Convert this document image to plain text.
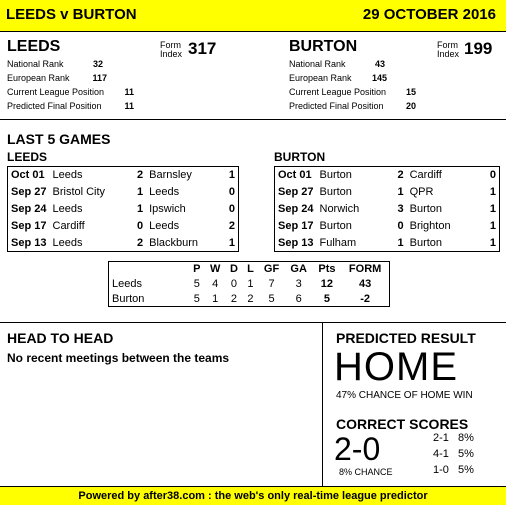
LEEDS v BURTON	29 OCTOBER 2016
LEEDS	Form
Index 317
National Rank	32
European Rank	117
Current League Position	11
Predicted Final Position	11
BURTON	Form
Index 199
National Rank	43
European Rank	145
Current League Position	15
Predicted Final Position	20
LAST 5 GAMES
LEEDS	BURTON
Oct 01	Leeds	2	Barnsley	1
Sep 27	Bristol City	1	Leeds	0
Sep 24	Leeds	1	Ipswich	0
Sep 17	Cardiff	0	Leeds	2
Sep 13	Leeds	2	Blackburn	1
Oct 01	Burton	2	Cardiff	0
Sep 27	Burton	1	QPR	1
Sep 24	Norwich	3	Burton	1
Sep 17	Burton	0	Brighton	1
Sep 13	Fulham	1	Burton	1
	P	W	D	L	GF	GA	Pts	FORM
Leeds	5	4	0	1	7	3	12	43
Burton	5	1	2	2	5	6	5	-2
HEAD TO HEAD
No recent meetings between the teams
PREDICTED RESULT
HOME
47% CHANCE OF HOME WIN
CORRECT SCORES
2-0
8% CHANCE
2-1 8%
4-1 5%
1-0 5%
Powered by after38.com : the web's only real-time league predictor
